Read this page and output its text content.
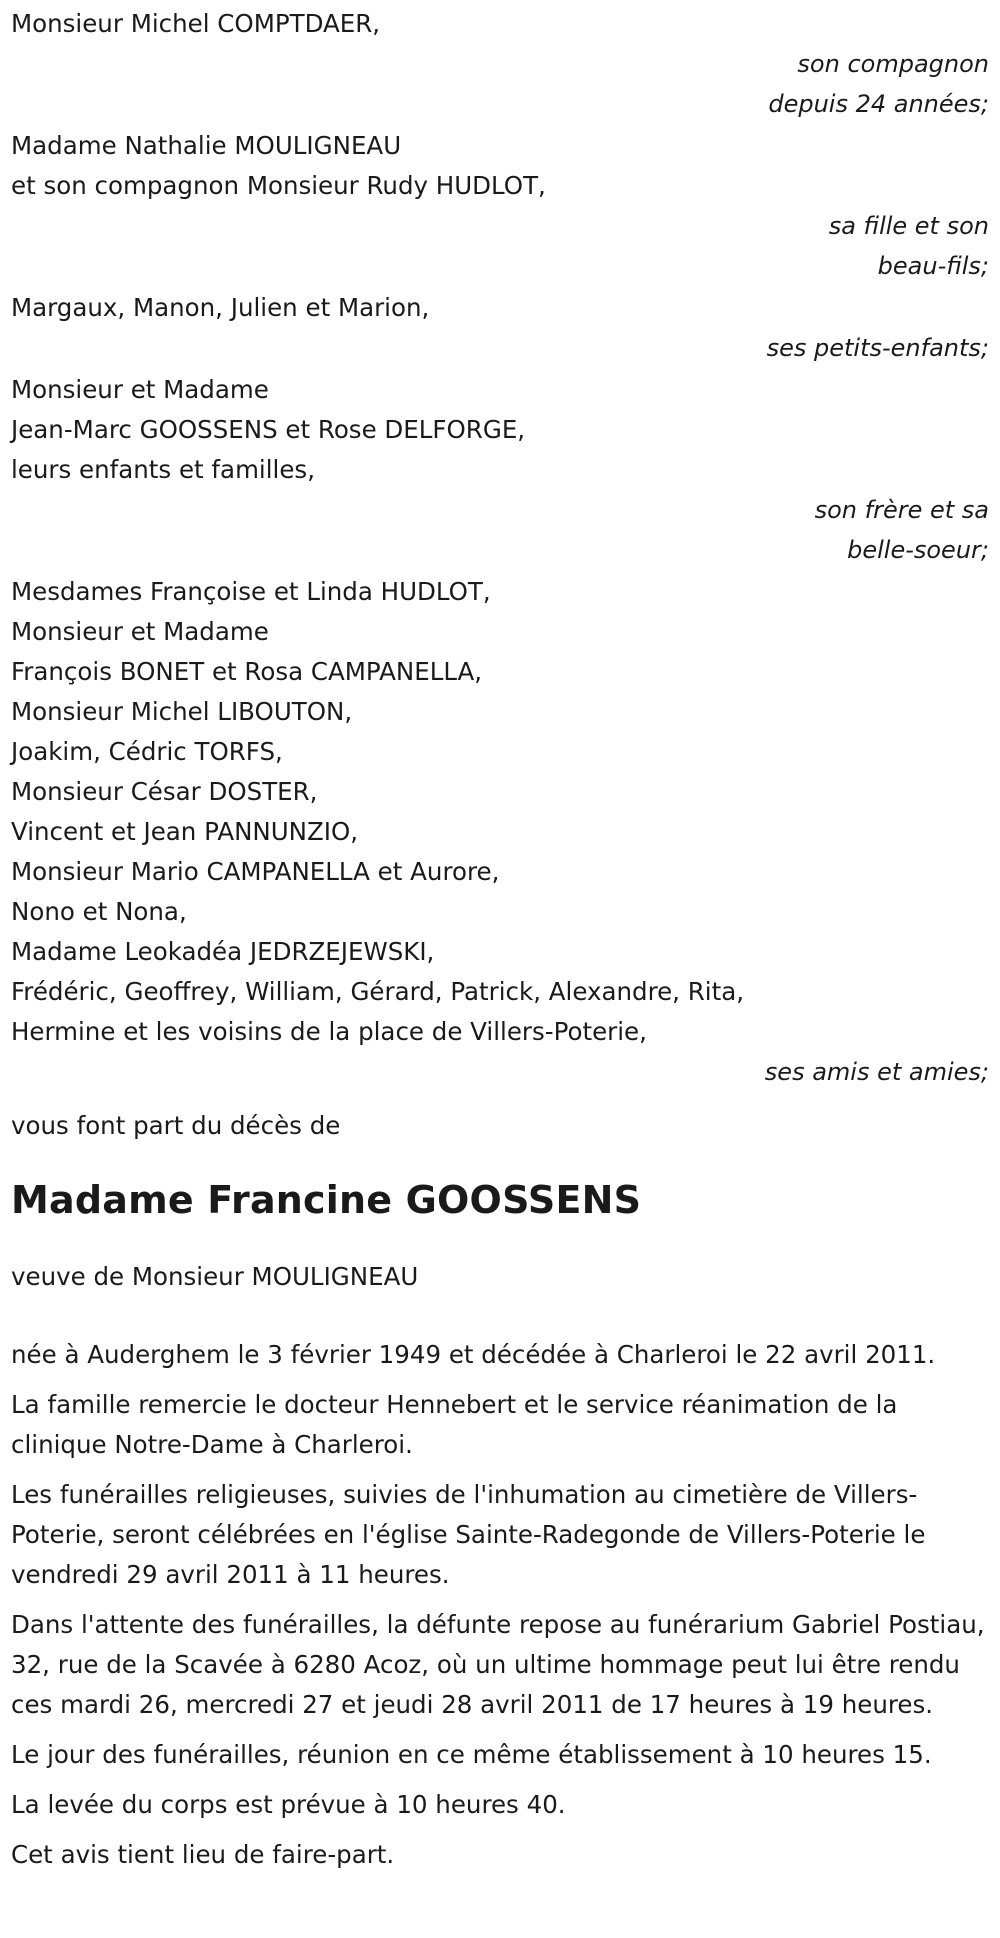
Monsieur Michel COMPTDAER,
son compagnon
depuis 24 années;
Madame Nathalie MOULIGNEAU
et son compagnon Monsieur Rudy HUDLOT,
sa fille et son
beau-fils;
Margaux, Manon, Julien et Marion,
ses petits-enfants;
Monsieur et Madame
Jean-Marc GOOSSENS et Rose DELFORGE,
leurs enfants et familles,
son frère et sa
belle-soeur;
Mesdames Françoise et Linda HUDLOT,
Monsieur et Madame
François BONET et Rosa CAMPANELLA,
Monsieur Michel LIBOUTON,
Joakim, Cédric TORFS,
Monsieur César DOSTER,
Vincent et Jean PANNUNZIO,
Monsieur Mario CAMPANELLA et Aurore,
Nono et Nona,
Madame Leokadéa JEDRZEJEWSKI,
Frédéric, Geoffrey, William, Gérard, Patrick, Alexandre, Rita,
Hermine et les voisins de la place de Villers-Poterie,
ses amis et amies;

vous font part du décès de

Madame Francine GOOSSENS

veuve de Monsieur MOULIGNEAU

née à Auderghem le 3 février 1949 et décédée à Charleroi le 22 avril 2011.

La famille remercie le docteur Hennebert et le service réanimation de la clinique Notre-Dame à Charleroi.

Les funérailles religieuses, suivies de l'inhumation au cimetière de Villers-Poterie, seront célébrées en l'église Sainte-Radegonde de Villers-Poterie le vendredi 29 avril 2011 à 11 heures.

Dans l'attente des funérailles, la défunte repose au funérarium Gabriel Postiau, 32, rue de la Scavée à 6280 Acoz, où un ultime hommage peut lui être rendu ces mardi 26, mercredi 27 et jeudi 28 avril 2011 de 17 heures à 19 heures.

Le jour des funérailles, réunion en ce même établissement à 10 heures 15.

La levée du corps est prévue à 10 heures 40.

Cet avis tient lieu de faire-part.
